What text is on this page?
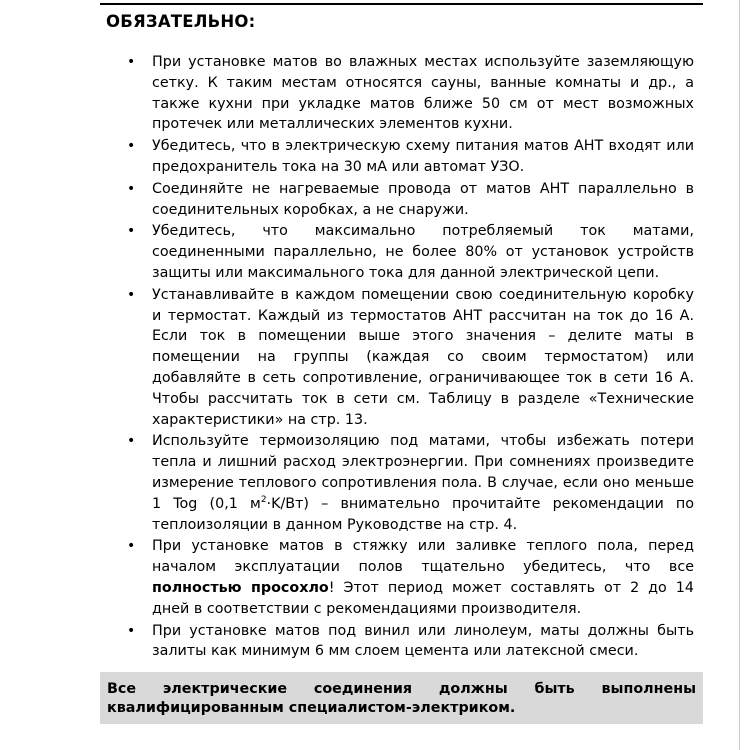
ОБЯЗАТЕЛЬНО:
• При установке матов во влажных местах используйте заземляющую сетку. К таким местам относятся сауны, ванные комнаты и др., а также кухни при укладке матов ближе 50 см от мест возможных протечек или металлических элементов кухни.
• Убедитесь, что в электрическую схему питания матов АНТ входят или предохранитель тока на 30 мА или автомат УЗО.
• Соединяйте не нагреваемые провода от матов АНТ параллельно в соединительных коробках, а не снаружи.
• Убедитесь, что максимально потребляемый ток матами, соединенными параллельно, не более 80% от установок устройств защиты или максимального тока для данной электрической цепи.
• Устанавливайте в каждом помещении свою соединительную коробку и термостат. Каждый из термостатов АНТ рассчитан на ток до 16 А. Если ток в помещении выше этого значения – делите маты в помещении на группы (каждая со своим термостатом) или добавляйте в сеть сопротивление, ограничивающее ток в сети 16 А. Чтобы рассчитать ток в сети см. Таблицу в разделе «Технические характеристики» на стр. 13.
• Используйте термоизоляцию под матами, чтобы избежать потери тепла и лишний расход электроэнергии. При сомнениях произведите измерение теплового сопротивления пола. В случае, если оно меньше 1 Tog (0,1 $м^2\cdot K/Вт$) – внимательно прочитайте рекомендации по теплоизоляции в данном Руководстве на стр. 4.
• При установке матов в стяжку или заливке теплого пола, перед началом эксплуатации полов тщательно убедитесь, что все полностью просохло! Этот период может составлять от 2 до 14 дней в соответствии с рекомендациями производителя.
• При установке матов под винил или линолеум, маты должны быть залиты как минимум 6 мм слоем цемента или латексной смеси.
Все электрические соединения должны быть выполнены квалифицированным специалистом-электриком.
